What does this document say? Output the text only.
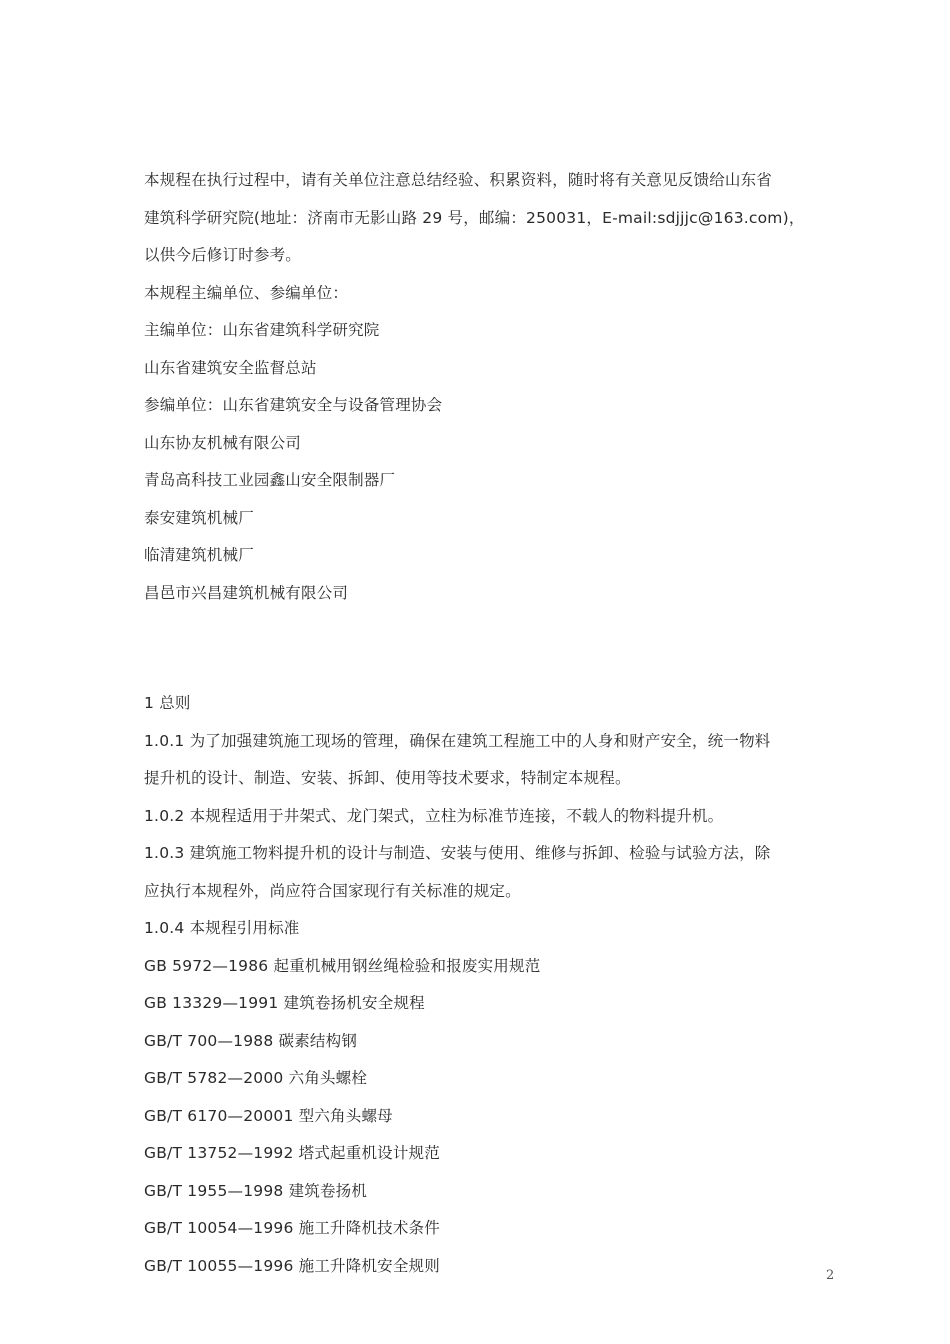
本规程在执行过程中，请有关单位注意总结经验、积累资料，随时将有关意见反馈给山东省
建筑科学研究院(地址：济南市无影山路 29 号，邮编：250031，E-mail:sdjjjc@163.com)，
以供今后修订时参考。
本规程主编单位、参编单位：
主编单位：山东省建筑科学研究院
山东省建筑安全监督总站
参编单位：山东省建筑安全与设备管理协会
山东协友机械有限公司
青岛高科技工业园鑫山安全限制器厂
泰安建筑机械厂
临清建筑机械厂
昌邑市兴昌建筑机械有限公司
1 总则
1.0.1 为了加强建筑施工现场的管理，确保在建筑工程施工中的人身和财产安全，统一物料
提升机的设计、制造、安装、拆卸、使用等技术要求，特制定本规程。
1.0.2 本规程适用于井架式、龙门架式，立柱为标准节连接，不载人的物料提升机。
1.0.3 建筑施工物料提升机的设计与制造、安装与使用、维修与拆卸、检验与试验方法，除
应执行本规程外，尚应符合国家现行有关标准的规定。
1.0.4 本规程引用标准
GB 5972—1986 起重机械用钢丝绳检验和报废实用规范
GB 13329—1991 建筑卷扬机安全规程
GB/T 700—1988 碳素结构钢
GB/T 5782—2000 六角头螺栓
GB/T 6170—20001 型六角头螺母
GB/T 13752—1992 塔式起重机设计规范
GB/T 1955—1998 建筑卷扬机
GB/T 10054—1996 施工升降机技术条件
GB/T 10055—1996 施工升降机安全规则
2
